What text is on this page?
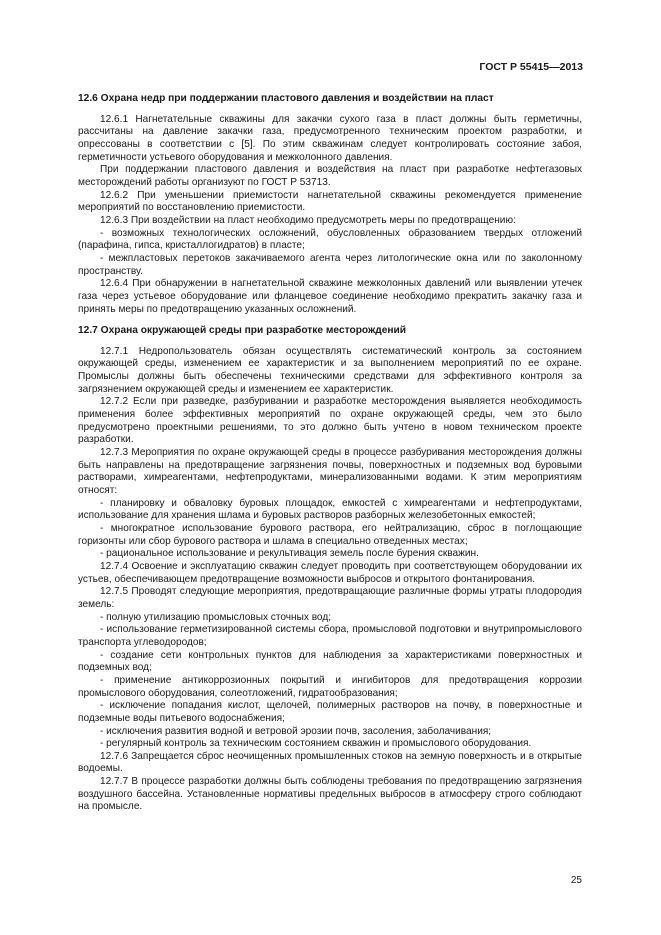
ГОСТ Р 55415—2013
12.6 Охрана недр при поддержании пластового давления и воздействии на пласт
12.6.1 Нагнетательные скважины для закачки сухого газа в пласт должны быть герметичны, рассчитаны на давление закачки газа, предусмотренного техническим проектом разработки, и опрессованы в соответствии с [5]. По этим скважинам следует контролировать состояние забоя, герметичности устьевого оборудования и межколонного давления.
При поддержании пластового давления и воздействия на пласт при разработке нефтегазовых месторождений работы организуют по ГОСТ Р 53713.
12.6.2 При уменьшении приемистости нагнетательной скважины рекомендуется применение мероприятий по восстановлению приемистости.
12.6.3 При воздействии на пласт необходимо предусмотреть меры по предотвращению:
- возможных технологических осложнений, обусловленных образованием твердых отложений (парафина, гипса, кристаллогидратов) в пласте;
- межпластовых перетоков закачиваемого агента через литологические окна или по заколонному пространству.
12.6.4 При обнаружении в нагнетательной скважине межколонных давлений или выявлении утечек газа через устьевое оборудование или фланцевое соединение необходимо прекратить закачку газа и принять меры по предотвращению указанных осложнений.
12.7 Охрана окружающей среды при разработке месторождений
12.7.1 Недропользователь обязан осуществлять систематический контроль за состоянием окружающей среды, изменением ее характеристик и за выполнением мероприятий по ее охране. Промыслы должны быть обеспечены техническими средствами для эффективного контроля за загрязнением окружающей среды и изменением ее характеристик.
12.7.2 Если при разведке, разбуривании и разработке месторождения выявляется необходимость применения более эффективных мероприятий по охране окружающей среды, чем это было предусмотрено проектными решениями, то это должно быть учтено в новом техническом проекте разработки.
12.7.3 Мероприятия по охране окружающей среды в процессе разбуривания месторождения должны быть направлены на предотвращение загрязнения почвы, поверхностных и подземных вод буровыми растворами, химреагентами, нефтепродуктами, минерализованными водами. К этим мероприятиям относят:
- планировку и обваловку буровых площадок, емкостей с химреагентами и нефтепродуктами, использование для хранения шлама и буровых растворов разборных железобетонных емкостей;
- многократное использование бурового раствора, его нейтрализацию, сброс в поглощающие горизонты или сбор бурового раствора и шлама в специально отведенных местах;
- рациональное использование и рекультивация земель после бурения скважин.
12.7.4 Освоение и эксплуатацию скважин следует проводить при соответствующем оборудовании их устьев, обеспечивающем предотвращение возможности выбросов и открытого фонтанирования.
12.7.5 Проводят следующие мероприятия, предотвращающие различные формы утраты плодородия земель:
- полную утилизацию промысловых сточных вод;
- использование герметизированной системы сбора, промысловой подготовки и внутрипромыслового транспорта углеводородов;
- создание сети контрольных пунктов для наблюдения за характеристиками поверхностных и подземных вод;
- применение антикоррозионных покрытий и ингибиторов для предотвращения коррозии промыслового оборудования, солеотложений, гидратообразования;
- исключение попадания кислот, щелочей, полимерных растворов на почву, в поверхностные и подземные воды питьевого водоснабжения;
- исключения развития водной и ветровой эрозии почв, засоления, заболачивания;
- регулярный контроль за техническим состоянием скважин и промыслового оборудования.
12.7.6 Запрещается сброс неочищенных промышленных стоков на земную поверхность и в открытые водоемы.
12.7.7 В процессе разработки должны быть соблюдены требования по предотвращению загрязнения воздушного бассейна. Установленные нормативы предельных выбросов в атмосферу строго соблюдают на промысле.
25
